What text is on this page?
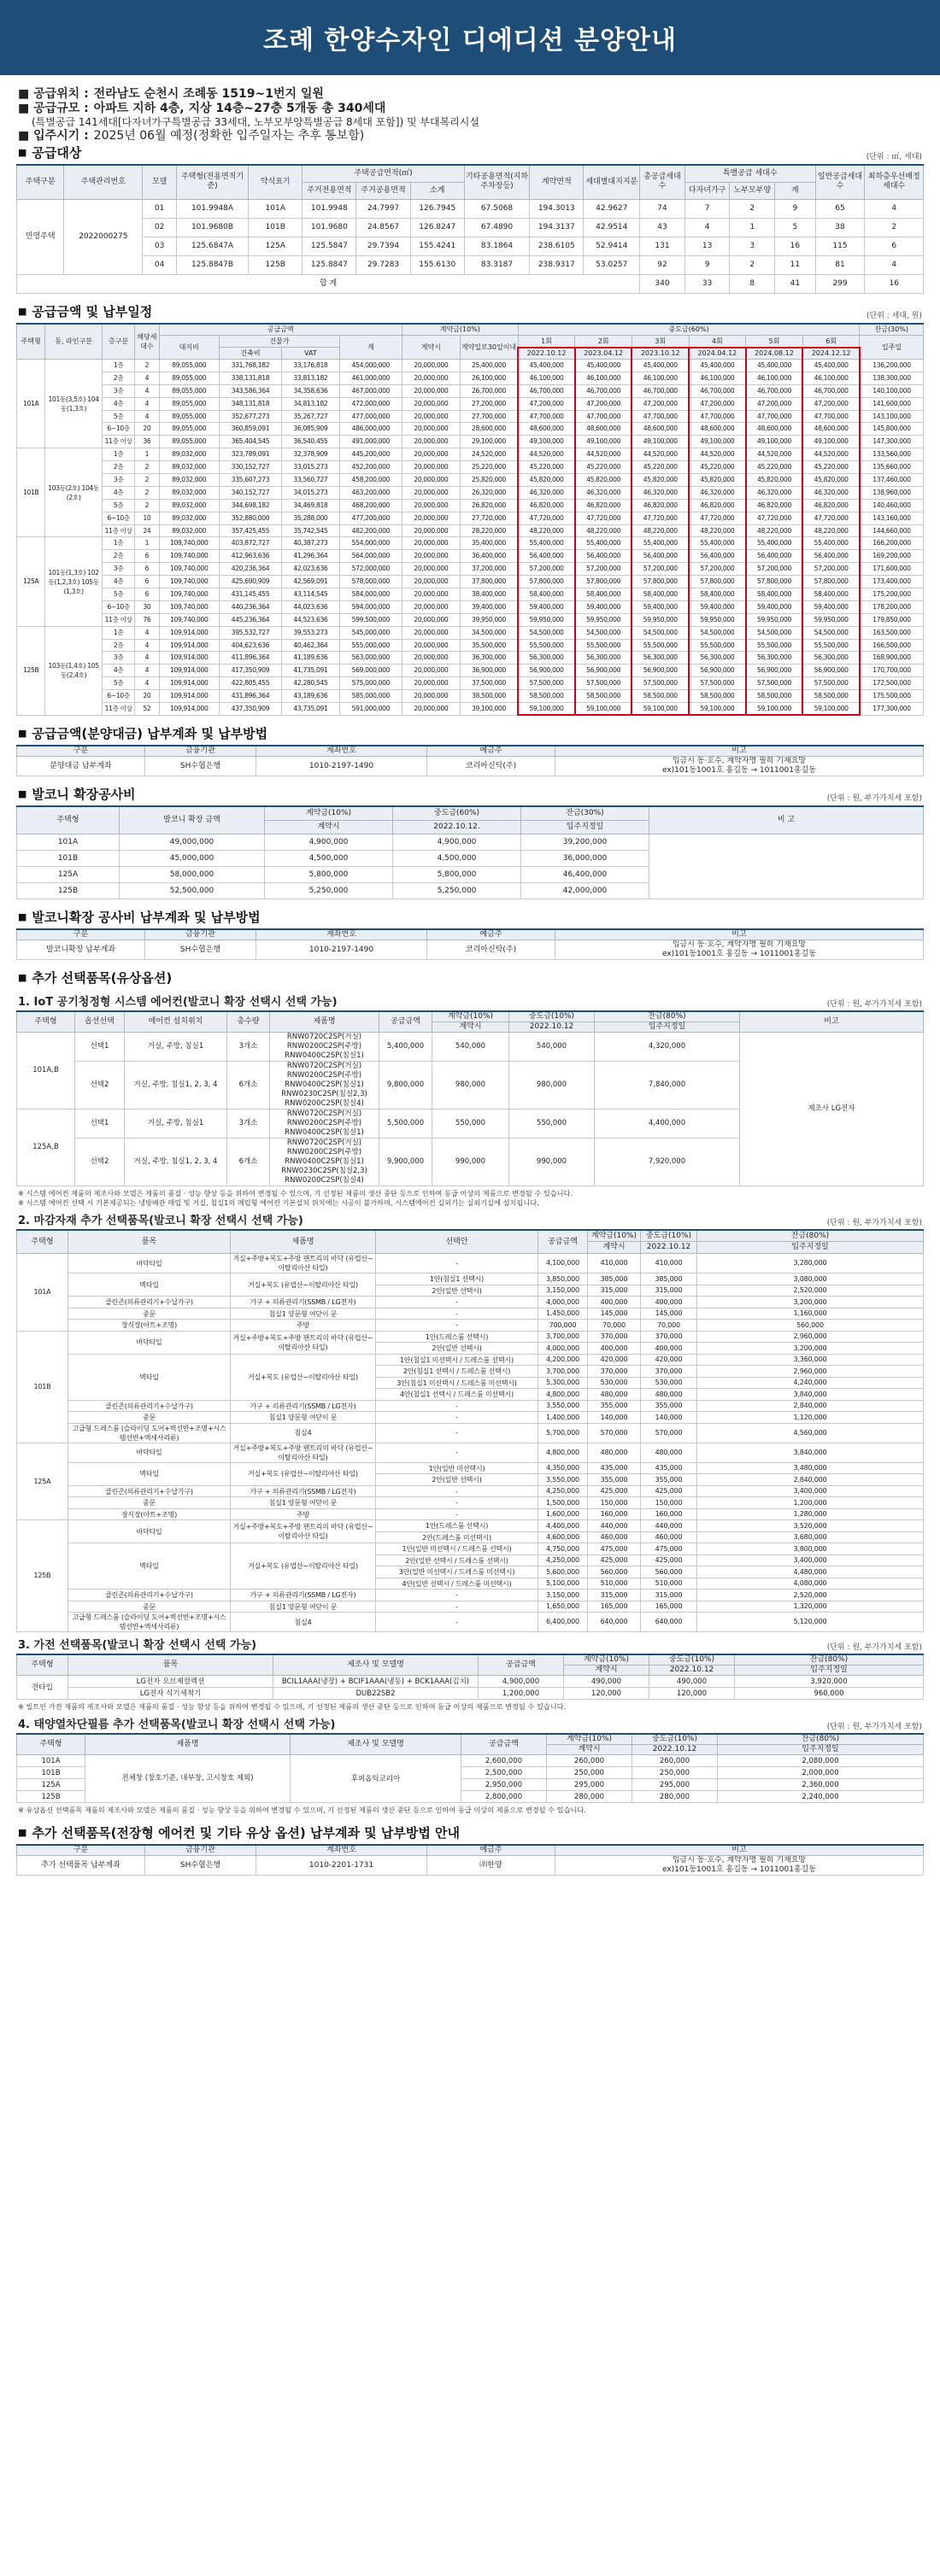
조례 한양수자인 디에디션 분양안내
■ 공급위치 : 전라남도 순천시 조례동 1519~1번지 일원
■ 공급규모 : 아파트 지하 4층, 지상 14층~27층 5개동 총 340세대
(특별공급 141세대[다자녀가구특별공급 33세대, 노부모부양특별공급 8세대 포함]) 및 부대복리시설
■ 입주시기 : 2025년 06월 예정(정확한 입주일자는 추후 통보함)
■ 공급대상	(단위 : ㎡, 세대)
주택구분	주택관리번호	모델	주택형(전용면적기준)	약식표기	주택공급면적(㎡)			기타공용면적(지하주차장등)	계약면적	세대별대지지분	총공급세대수	특별공급 세대수			일반공급세대수	최하층우선배정세대수
					주거전용면적	주거공용면적	소계					다자녀가구	노부모부양	계		
민영주택	2022000275	01	101.9948A	101A	101.9948	24.7997	126.7945	67.5068	194.3013	42.9627	74	7	2	9	65	4
		02	101.9680B	101B	101.9680	24.8567	126.8247	67.4890	194.3137	42.9514	43	4	1	5	38	2
		03	125.6847A	125A	125.5847	29.7394	155.4241	83.1864	238.6105	52.9414	131	13	3	16	115	6
		04	125.8847B	125B	125.8847	29.7283	155.6130	83.3187	238.9317	53.0257	92	9	2	11	81	4
합 계											340	33	8	41	299	16
■ 공급금액 및 납부일정	(단위 : 세대, 원)
주택형	동, 라인구분	층구분	해당세대수	공급금액				계약금(10%)		중도금(60%)						잔금(30%)
				대지비	건물가		계	계약시	계약일로30일이내	1회	2회	3회	4회	5회	6회	입주일
					건축비	VAT				2022.10.12	2023.04.12	2023.10.12	2024.04.12	2024.08.12	2024.12.12	
101A	101동(3,5호) 104동(1,3호)	1층	2	89,055,000	331,768,182	33,176,818	454,000,000	20,000,000	25,400,000	45,400,000	45,400,000	45,400,000	45,400,000	45,400,000	45,400,000	136,200,000
		2층	4	89,055,000	338,131,818	33,813,182	461,000,000	20,000,000	26,100,000	46,100,000	46,100,000	46,100,000	46,100,000	46,100,000	46,100,000	138,300,000
		3층	4	89,055,000	343,586,364	34,358,636	467,000,000	20,000,000	26,700,000	46,700,000	46,700,000	46,700,000	46,700,000	46,700,000	46,700,000	140,100,000
		4층	4	89,055,000	348,131,818	34,813,182	472,000,000	20,000,000	27,200,000	47,200,000	47,200,000	47,200,000	47,200,000	47,200,000	47,200,000	141,600,000
		5층	4	89,055,000	352,677,273	35,267,727	477,000,000	20,000,000	27,700,000	47,700,000	47,700,000	47,700,000	47,700,000	47,700,000	47,700,000	143,100,000
		6~10층	20	89,055,000	360,859,091	36,085,909	486,000,000	20,000,000	28,600,000	48,600,000	48,600,000	48,600,000	48,600,000	48,600,000	48,600,000	145,800,000
		11층 이상	36	89,055,000	365,404,545	36,540,455	491,000,000	20,000,000	29,100,000	49,100,000	49,100,000	49,100,000	49,100,000	49,100,000	49,100,000	147,300,000
101B	103동(2호) 104동(2호)	1층	1	89,032,000	323,789,091	32,378,909	445,200,000	20,000,000	24,520,000	44,520,000	44,520,000	44,520,000	44,520,000	44,520,000	44,520,000	133,560,000
		2층	2	89,032,000	330,152,727	33,015,273	452,200,000	20,000,000	25,220,000	45,220,000	45,220,000	45,220,000	45,220,000	45,220,000	45,220,000	135,660,000
		3층	2	89,032,000	335,607,273	33,560,727	458,200,000	20,000,000	25,820,000	45,820,000	45,820,000	45,820,000	45,820,000	45,820,000	45,820,000	137,460,000
		4층	2	89,032,000	340,152,727	34,015,273	463,200,000	20,000,000	26,320,000	46,320,000	46,320,000	46,320,000	46,320,000	46,320,000	46,320,000	138,960,000
		5층	2	89,032,000	344,698,182	34,469,818	468,200,000	20,000,000	26,820,000	46,820,000	46,820,000	46,820,000	46,820,000	46,820,000	46,820,000	140,460,000
		6~10층	10	89,032,000	352,880,000	35,288,000	477,200,000	20,000,000	27,720,000	47,720,000	47,720,000	47,720,000	47,720,000	47,720,000	47,720,000	143,160,000
		11층 이상	24	89,032,000	357,425,455	35,742,545	482,200,000	20,000,000	28,220,000	48,220,000	48,220,000	48,220,000	48,220,000	48,220,000	48,220,000	144,660,000
125A	101동(1,3호) 102동(1,2,3호) 105동(1,3호)	1층	1	109,740,000	403,872,727	40,387,273	554,000,000	20,000,000	35,400,000	55,400,000	55,400,000	55,400,000	55,400,000	55,400,000	55,400,000	166,200,000
		2층	6	109,740,000	412,963,636	41,296,364	564,000,000	20,000,000	36,400,000	56,400,000	56,400,000	56,400,000	56,400,000	56,400,000	56,400,000	169,200,000
		3층	6	109,740,000	420,236,364	42,023,636	572,000,000	20,000,000	37,200,000	57,200,000	57,200,000	57,200,000	57,200,000	57,200,000	57,200,000	171,600,000
		4층	6	109,740,000	425,690,909	42,569,091	578,000,000	20,000,000	37,800,000	57,800,000	57,800,000	57,800,000	57,800,000	57,800,000	57,800,000	173,400,000
		5층	6	109,740,000	431,145,455	43,114,545	584,000,000	20,000,000	38,400,000	58,400,000	58,400,000	58,400,000	58,400,000	58,400,000	58,400,000	175,200,000
		6~10층	30	109,740,000	440,236,364	44,023,636	594,000,000	20,000,000	39,400,000	59,400,000	59,400,000	59,400,000	59,400,000	59,400,000	59,400,000	178,200,000
		11층 이상	76	109,740,000	445,236,364	44,523,636	599,500,000	20,000,000	39,950,000	59,950,000	59,950,000	59,950,000	59,950,000	59,950,000	59,950,000	179,850,000
125B	103동(1,4호) 105동(2,4호)	1층	4	109,914,000	395,532,727	39,553,273	545,000,000	20,000,000	34,500,000	54,500,000	54,500,000	54,500,000	54,500,000	54,500,000	54,500,000	163,500,000
		2층	4	109,914,000	404,623,636	40,462,364	555,000,000	20,000,000	35,500,000	55,500,000	55,500,000	55,500,000	55,500,000	55,500,000	55,500,000	166,500,000
		3층	4	109,914,000	411,896,364	41,189,636	563,000,000	20,000,000	36,300,000	56,300,000	56,300,000	56,300,000	56,300,000	56,300,000	56,300,000	168,900,000
		4층	4	109,914,000	417,350,909	41,735,091	569,000,000	20,000,000	36,900,000	56,900,000	56,900,000	56,900,000	56,900,000	56,900,000	56,900,000	170,700,000
		5층	4	109,914,000	422,805,455	42,280,545	575,000,000	20,000,000	37,500,000	57,500,000	57,500,000	57,500,000	57,500,000	57,500,000	57,500,000	172,500,000
		6~10층	20	109,914,000	431,896,364	43,189,636	585,000,000	20,000,000	38,500,000	58,500,000	58,500,000	58,500,000	58,500,000	58,500,000	58,500,000	175,500,000
		11층 이상	52	109,914,000	437,350,909	43,735,091	591,000,000	20,000,000	39,100,000	59,100,000	59,100,000	59,100,000	59,100,000	59,100,000	59,100,000	177,300,000
■ 공급금액(분양대금) 납부계좌 및 납부방법
구분	금융기관	계좌번호	예금주	비고
분양대금 납부계좌	SH수협은행	1010-2197-1490	코리아신탁(주)	입금시 동·호수, 계약자명 필히 기재요망
ex)101동1001호 홍길동 → 1011001홍길동
■ 발코니 확장공사비	(단위 : 원, 부가가치세 포함)
주택형	발코니 확장 금액	계약금(10%)	중도금(60%)	잔금(30%)	비 고
		계약시	2022.10.12.	입주지정일	
101A	49,000,000	4,900,000	4,900,000	39,200,000	
101B	45,000,000	4,500,000	4,500,000	36,000,000	
125A	58,000,000	5,800,000	5,800,000	46,400,000	
125B	52,500,000	5,250,000	5,250,000	42,000,000	
■ 발코니확장 공사비 납부계좌 및 납부방법
구분	금융기관	계좌번호	예금주	비고
발코니확장 납부계좌	SH수협은행	1010-2197-1490	코리아신탁(주)	입금시 동·호수, 계약자명 필히 기재요망
ex)101동1001호 홍길동 → 1011001홍길동
■ 추가 선택품목(유상옵션)
1. IoT 공기청정형 시스템 에어컨(발코니 확장 선택시 선택 가능)	(단위 : 원, 부가가치세 포함)
주택형	옵션선택	에어컨 설치위치	총수량	제품명	공급금액	계약금(10%)	중도금(10%)	잔금(80%)	비고
						계약시	2022.10.12	입주지정일	
101A,B	선택1	거실, 주방, 침실1	3개소	RNW0720C2SP(거실) RNW0200C2SP(주방) RNW0400C2SP(침실1)	5,400,000	540,000	540,000	4,320,000	제조사 LG전자
	선택2	거실, 주방, 침실1, 2, 3, 4	6개소	RNW0720C2SP(거실) RNW0200C2SP(주방) RNW0400C2SP(침실1) RNW0230C2SP(침실2,3) RNW0200C2SP(침실4)	9,800,000	980,000	980,000	7,840,000	
125A,B	선택1	거실, 주방, 침실1	3개소	RNW0720C2SP(거실) RNW0200C2SP(주방) RNW0400C2SP(침실1)	5,500,000	550,000	550,000	4,400,000	
	선택2	거실, 주방, 침실1, 2, 3, 4	6개소	RNW0720C2SP(거실) RNW0200C2SP(주방) RNW0400C2SP(침실1) RNW0230C2SP(침실2,3) RNW0200C2SP(침실4)	9,900,000	990,000	990,000	7,920,000	
※ 시스템 에어컨 제품의 제조사와 모델은 제품의 품질 · 성능 향상 등을 위하여 변경될 수 있으며, 기 선정된 제품의 생산 중단 등으로 인하여 동급 이상의 제품으로 변경될 수 있습니다.
※ 시스템 에어컨 선택 시 기본제공되는 냉방배관 매립 및 거실, 침실1의 매립형 에어컨 기본설치 위치에는 시공이 불가하며, 시스템에어컨 실외기는 실외기실에 설치됩니다.
2. 마감자재 추가 선택품목(발코니 확장 선택시 선택 가능)	(단위 : 원, 부가가치세 포함)
주택형	품목	제품명	선택안	공급금액	계약금(10%)	중도금(10%)	잔금(80%)
					계약시	2022.10.12	입주지정일
101A	바닥타일	거실+주방+복도+주방 팬트리의 바닥 (유럽산~이탈리아산 타일)	-	4,100,000	410,000	410,000	3,280,000
	벽타일	거실+복도 (유럽산~이탈리아산 타일)	1안(침실1 선택시)	3,850,000	385,000	385,000	3,080,000
			2안(일반 선택시)	3,150,000	315,000	315,000	2,520,000
	클린존(의류관리기+수납가구)	가구 + 의류관리기(SSMB / LG전자)	-	4,000,000	400,000	400,000	3,200,000
	중문	침실1 양문형 여닫이 문	-	1,450,000	145,000	145,000	1,160,000
	장식장(아트+조명)	주방	-	700,000	70,000	70,000	560,000
101B	바닥타일	거실+주방+복도+주방 팬트리의 바닥 (유럽산~이탈리아산 타일)	1안(드레스룸 선택시)	3,700,000	370,000	370,000	2,960,000
			2안(일반 선택시)	4,000,000	400,000	400,000	3,200,000
	벽타일	거실+복도 (유럽산~이탈리아산 타일)	1안(침실1 미선택시 / 드레스룸 선택시)	4,200,000	420,000	420,000	3,360,000
			2안(침실1 선택시 / 드레스룸 선택시)	3,700,000	370,000	370,000	2,960,000
			3안(침실1 미선택시 / 드레스룸 미선택시)	5,300,000	530,000	530,000	4,240,000
			4안(침실1 선택시 / 드레스룸 미선택시)	4,800,000	480,000	480,000	3,840,000
	클린존(의류관리기+수납가구)	가구 + 의류관리기(SSMB / LG전자)	-	3,550,000	355,000	355,000	2,840,000
	중문	침실1 양문형 여닫이 문	-	1,400,000	140,000	140,000	1,120,000
	고급형 드레스룸 (슬라이딩 도어+벽선반+조명+시스템선반+엑세사리류)	침실4	-	5,700,000	570,000	570,000	4,560,000
125A	바닥타일	거실+주방+복도+주방 팬트리의 바닥 (유럽산~이탈리아산 타일)	-	4,800,000	480,000	480,000	3,840,000
	벽타일	거실+복도 (유럽산~이탈리아산 타일)	1안(일반 미선택시)	4,350,000	435,000	435,000	3,480,000
			2안(일반 선택시)	3,550,000	355,000	355,000	2,840,000
	클린존(의류관리기+수납가구)	가구 + 의류관리기(SSMB / LG전자)	-	4,250,000	425,000	425,000	3,400,000
	중문	침실1 양문형 여닫이 문	-	1,500,000	150,000	150,000	1,200,000
	장식장(아트+조명)	주방	-	1,600,000	160,000	160,000	1,280,000
125B	바닥타일	거실+주방+복도+주방 팬트리의 바닥 (유럽산~이탈리아산 타일)	1안(드레스룸 선택시)	4,400,000	440,000	440,000	3,520,000
			2안(드레스룸 미선택시)	4,600,000	460,000	460,000	3,680,000
	벽타일	거실+복도 (유럽산~이탈리아산 타일)	1안(일반 미선택시 / 드레스룸 선택시)	4,750,000	475,000	475,000	3,800,000
			2안(일반 선택시 / 드레스룸 선택시)	4,250,000	425,000	425,000	3,400,000
			3안(일반 미선택시 / 드레스룸 미선택시)	5,600,000	560,000	560,000	4,480,000
			4안(일반 선택시 / 드레스룸 미선택시)	5,100,000	510,000	510,000	4,080,000
	클린존(의류관리기+수납가구)	가구 + 의류관리기(SSMB / LG전자)	-	3,150,000	315,000	315,000	2,520,000
	중문	침실1 양문형 여닫이 문	-	1,650,000	165,000	165,000	1,320,000
	고급형 드레스룸 (슬라이딩 도어+벽선반+조명+시스템선반+엑세사리류)	침실4	-	6,400,000	640,000	640,000	5,120,000
3. 가전 선택품목(발코니 확장 선택시 선택 가능)	(단위 : 원, 부가가치세 포함)
주택형	품목	제조사 및 모델명	공급금액	계약금(10%)	중도금(10%)	잔금(80%)
				계약시	2022.10.12	입주지정일
전타입	LG전자 오브제컬렉션	BCIL1AAA(냉장) + BCIF1AAA(냉동) + BCK1AAA(김치)	4,900,000	490,000	490,000	3,920,000
	LG전자 식기세척기	DUB22SB2	1,200,000	120,000	120,000	960,000
※ 빌트인 가전 제품의 제조사와 모델은 제품의 품질 · 성능 향상 등을 위하여 변경될 수 있으며, 기 선정된 제품의 생산 중단 등으로 인하여 동급 이상의 제품으로 변경될 수 있습니다.
4. 태양열차단필름 추가 선택품목(발코니 확장 선택시 선택 가능)	(단위 : 원, 부가가치세 포함)
주택형	제품명	제조사 및 모델명	공급금액	계약금(10%)	중도금(10%)	잔금(80%)
				계약시	2022.10.12	입주지정일
101A	전체창 (창호기준, 내부창, 고시창호 제외)	후퍼옵틱코리아	2,600,000	260,000	260,000	2,080,000
101B			2,500,000	250,000	250,000	2,000,000
125A			2,950,000	295,000	295,000	2,360,000
125B			2,800,000	280,000	280,000	2,240,000
※ 유상옵션 선택품목 제품의 제조사와 모델은 제품의 품질 · 성능 향상 등을 위하여 변경될 수 있으며, 기 선정된 제품의 생산 중단 등으로 인하여 동급 이상의 제품으로 변경될 수 있습니다.
■ 추가 선택품목(전장형 에어컨 및 기타 유상 옵션) 납부계좌 및 납부방법 안내
구분	금융기관	계좌번호	예금주	비고
추가 선택품목 납부계좌	SH수협은행	1010-2201-1731	㈜한양	입금시 동·호수, 계약자명 필히 기재요망
ex)101동1001호 홍길동 → 1011001홍길동
